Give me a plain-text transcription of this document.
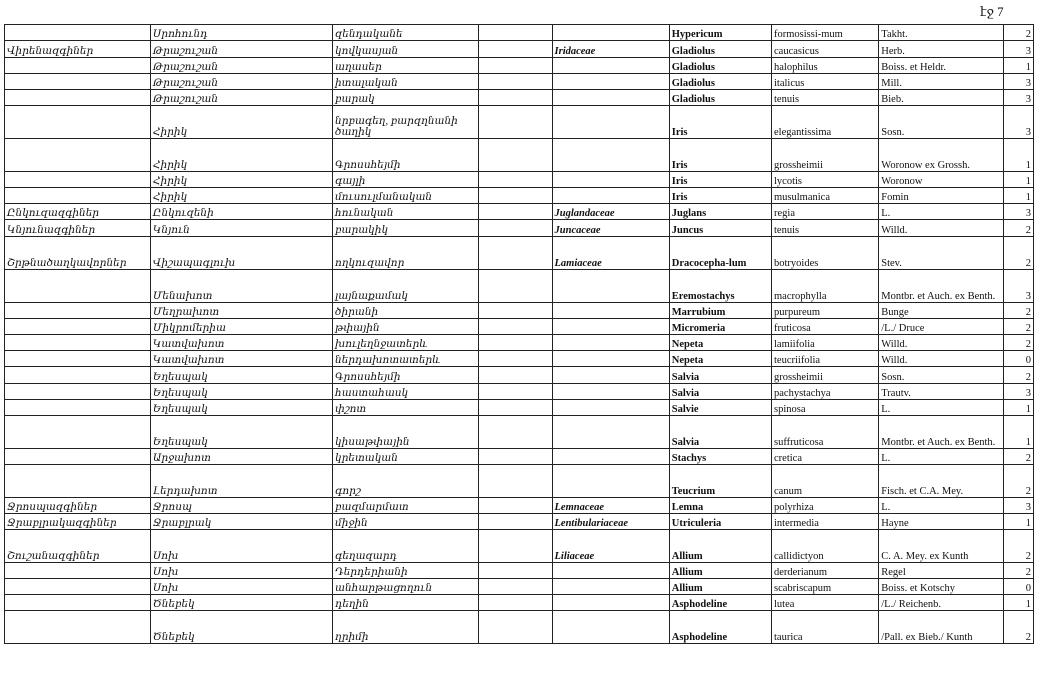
էջ 7
	Սրոհունդ	զենդականե			Hypericum	formosissi-mum	Takht.	2
Վիրենազգիներ	Թրաշուշան	կովկասյան		Iridaceae	Gladiolus	caucasicus	Herb.	3
	Թրաշուշան	աղասեր			Gladiolus	halophilus	Boiss. et Heldr.	1
	Թրաշուշան	իտալական			Gladiolus	italicus	Mill.	3
	Թրաշուշան	բարակ			Gladiolus	tenuis	Bieb.	3
	Հիրիկ	նրբագեղ, բարզղնանի ծաղիկ			Iris	elegantissima	Sosn.	3
	Հիրիկ	Գրոսսհեյմի			Iris	grossheimii	Woronow ex Grossh.	1
	Հիրիկ	գայլի			Iris	lycotis	Woronow	1
	Հիրիկ	մուսուլմանական			Iris	musulmanica	Fomin	1
Ընկուզազգիներ	Ընկուզենի	հունական		Juglandaceae	Juglans	regia	L.	3
Կնյունազգիներ	Կնյուն	բարակիկ		Juncaceae	Juncus	tenuis	Willd.	2
Շրթնածաղկավորներ	Վիշապագլուխ	ողկուզավոր		Lamiaceae	Dracocepha-lum	botryoides	Stev.	2
	Մենախոտ	լայնաքամակ			Eremostachys	macrophylla	Montbr. et Auch. ex Benth.	3
	Մեղրախոտ	ծիրանի			Marrubium	purpureum	Bunge	2
	Միկրոմերիա	թփային			Micromeria	fruticosa	/L./ Druce	2
	Կատվախոտ	խուլեղնջատերև			Nepeta	lamiifolia	Willd.	2
	Կատվախոտ	ներդախոտատերև			Nepeta	teucriifolia	Willd.	0
	Եղեսպակ	Գրոսսհեյմի			Salvia	grossheimii	Sosn.	2
	Եղեսպակ	հաստահասկ			Salvia	pachystachya	Trautv.	3
	Եղեսպակ	փշոտ			Salvie	spinosa	L.	1
	Եղեսպակ	կիսաթփային			Salvia	suffruticosa	Montbr. et Auch. ex Benth.	1
	Արջախոտ	կրետական			Stachys	cretica	L.	2
	Լերդախոտ	գորշ			Teucrium	canum	Fisch. et C.A. Mey.	2
Ջրոսպազգիներ	Ջրոսպ	բազմարմատ		Lemnaceae	Lemna	polyrhiza	L.	3
Ջրաբլրակազգիներ	Ջրաբլրակ	միջին		Lentibulariaceae	Utriculeria	intermedia	Hayne	1
Շուշանազգիներ	Սոխ	գեղազարդ		Liliaceae	Allium	callidictyon	C. A. Mey. ex Kunth	2
	Սոխ	Դերդերիանի			Allium	derderianum	Regel	2
	Սոխ	անհարթացողուն			Allium	scabriscapum	Boiss. et Kotschy	0
	Ծնեբեկ	դեղին			Asphodeline	lutea	/L./ Reichenb.	1
	Ծնեբեկ	ղրիմի			Asphodeline	taurica	/Pall. ex Bieb./ Kunth	2
